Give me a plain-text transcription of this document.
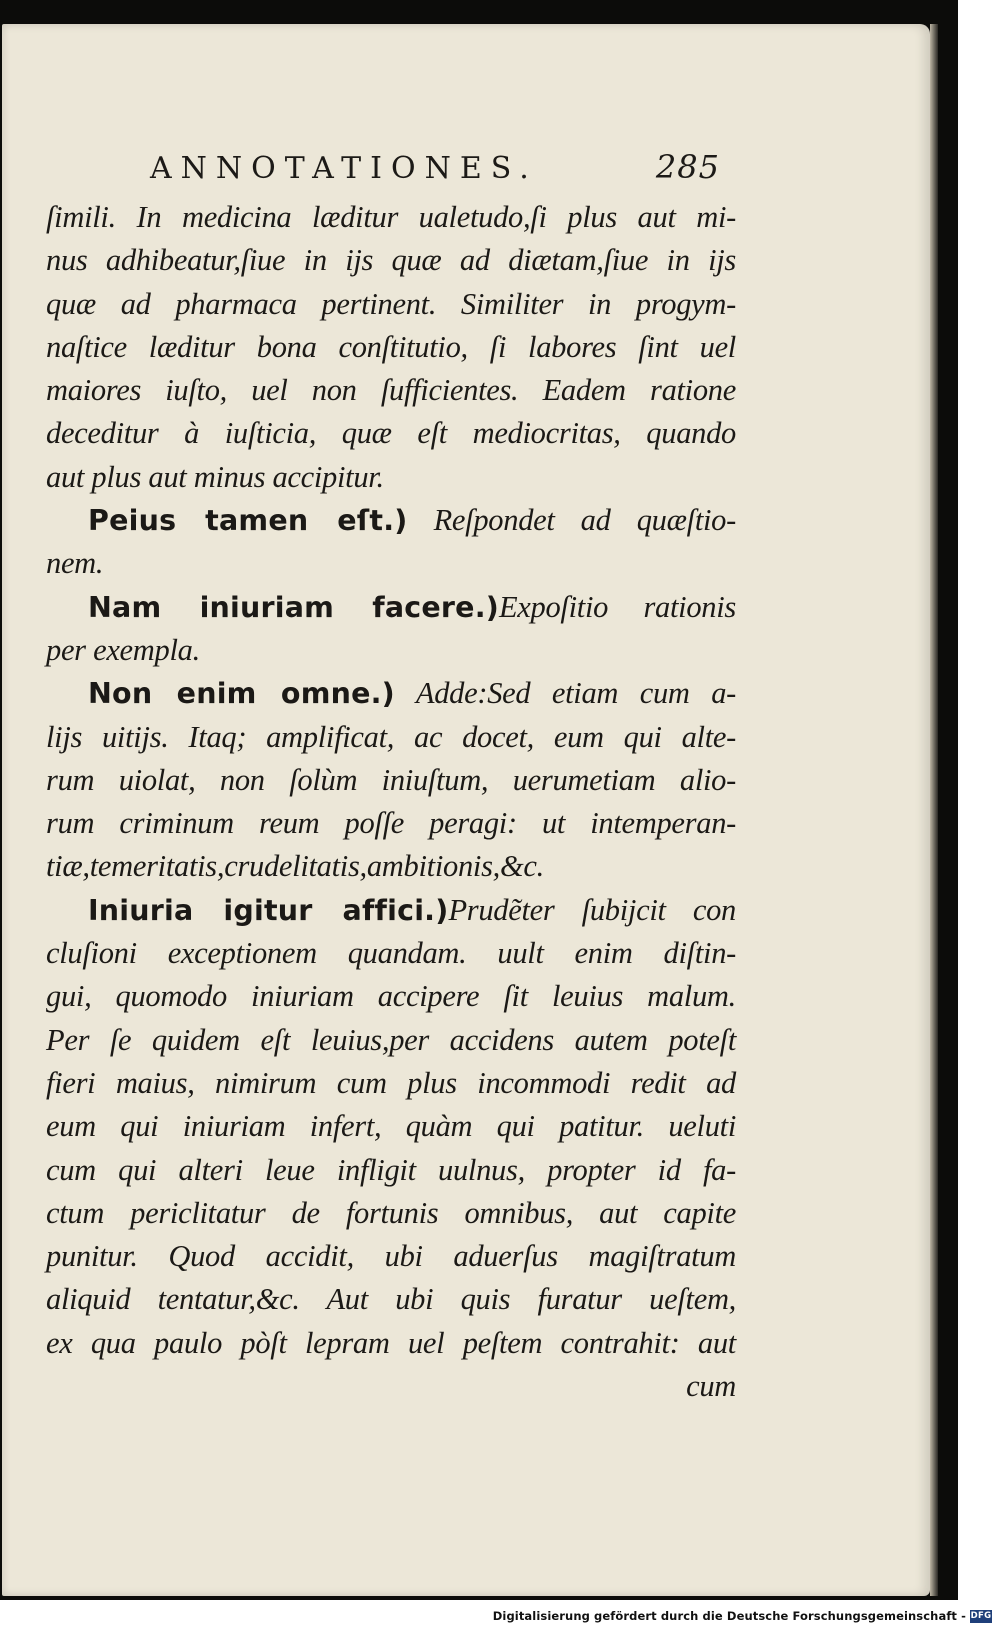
ANNOTATIONES.	285
ſimili. In medicina læditur ualetudo,ſi plus aut mi-
nus adhibeatur,ſiue in ijs quæ ad diætam,ſiue in ijs
quæ ad pharmaca pertinent. Similiter in progym-
naſtice læditur bona conſtitutio, ſi labores ſint uel
maiores iuſto, uel non ſufficientes. Eadem ratione
deceditur à iuſticia, quæ eſt mediocritas, quando
aut plus aut minus accipitur.
Peius tamen eſt.) Reſpondet ad quæſtio-
nem.
Nam iniuriam facere.)Expoſitio rationis
per exempla.
Non enim omne.) Adde:Sed etiam cum a-
lijs uitijs. Itaq; amplificat, ac docet, eum qui alte-
rum uiolat, non ſolùm iniuſtum, uerumetiam alio-
rum criminum reum poſſe peragi: ut intemperan-
tiæ,temeritatis,crudelitatis,ambitionis,&c.
Iniuria igitur affici.)Prudẽter ſubijcit con
cluſioni exceptionem quandam. uult enim diſtin-
gui, quomodo iniuriam accipere ſit leuius malum.
Per ſe quidem eſt leuius,per accidens autem poteſt
fieri maius, nimirum cum plus incommodi redit ad
eum qui iniuriam infert, quàm qui patitur. ueluti
cum qui alteri leue infligit uulnus, propter id fa-
ctum periclitatur de fortunis omnibus, aut capite
punitur. Quod accidit, ubi aduerſus magiſtratum
aliquid tentatur,&c. Aut ubi quis furatur ueſtem,
ex qua paulo pòſt lepram uel peſtem contrahit: aut
cum
Digitalisierung gefördert durch die Deutsche Forschungsgemeinschaft - DFG
